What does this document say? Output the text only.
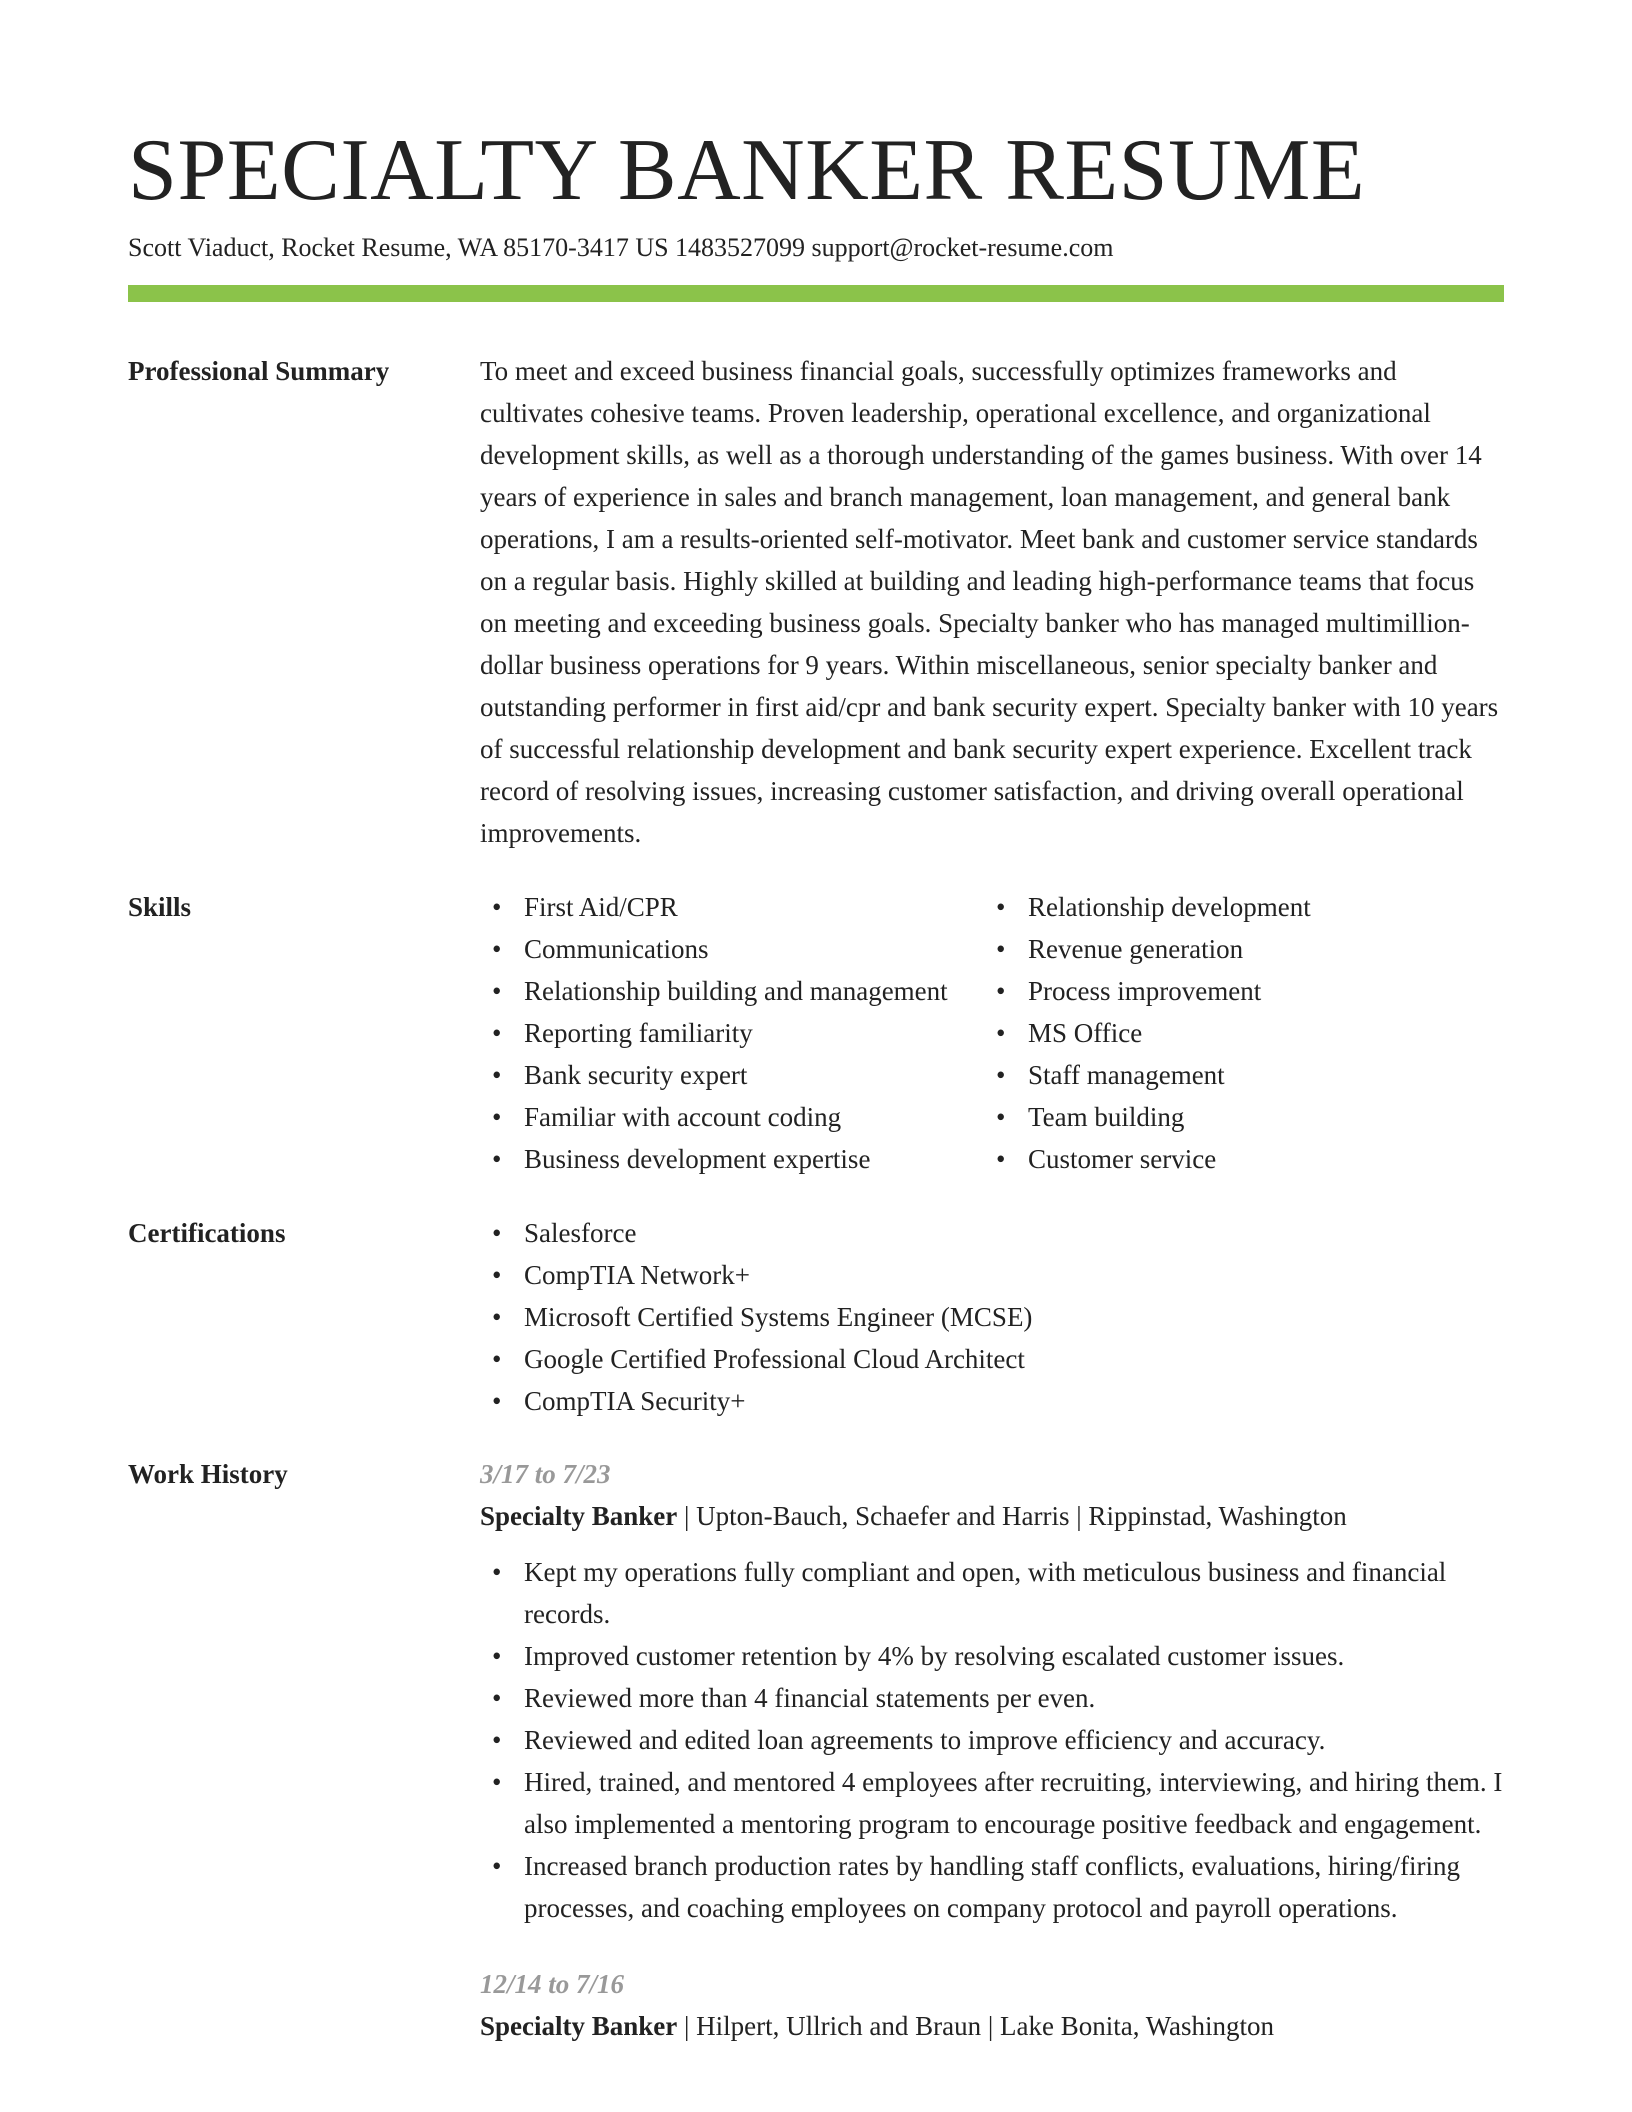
SPECIALTY BANKER RESUME
Scott Viaduct, Rocket Resume, WA 85170-3417 US 1483527099 support@rocket-resume.com
Professional Summary	To meet and exceed business financial goals, successfully optimizes frameworks and cultivates cohesive teams. Proven leadership, operational excellence, and organizational development skills, as well as a thorough understanding of the games business. With over 14 years of experience in sales and branch management, loan management, and general bank operations, I am a results-oriented self-motivator. Meet bank and customer service standards on a regular basis. Highly skilled at building and leading high-performance teams that focus on meeting and exceeding business goals. Specialty banker who has managed multimillion-dollar business operations for 9 years. Within miscellaneous, senior specialty banker and outstanding performer in first aid/cpr and bank security expert. Specialty banker with 10 years of successful relationship development and bank security expert experience. Excellent track record of resolving issues, increasing customer satisfaction, and driving overall operational improvements.

Skills	• First Aid/CPR
• Communications
• Relationship building and management
• Reporting familiarity
• Bank security expert
• Familiar with account coding
• Business development expertise
• Relationship development
• Revenue generation
• Process improvement
• MS Office
• Staff management
• Team building
• Customer service
Certifications	• Salesforce
• CompTIA Network+
• Microsoft Certified Systems Engineer (MCSE)
• Google Certified Professional Cloud Architect
• CompTIA Security+
Work History	3/17 to 7/23
Specialty Banker | Upton-Bauch, Schaefer and Harris | Rippinstad, Washington
• Kept my operations fully compliant and open, with meticulous business and financial records.
• Improved customer retention by 4% by resolving escalated customer issues.
• Reviewed more than 4 financial statements per even.
• Reviewed and edited loan agreements to improve efficiency and accuracy.
• Hired, trained, and mentored 4 employees after recruiting, interviewing, and hiring them. I also implemented a mentoring program to encourage positive feedback and engagement.
• Increased branch production rates by handling staff conflicts, evaluations, hiring/firing processes, and coaching employees on company protocol and payroll operations.
12/14 to 7/16
Specialty Banker | Hilpert, Ullrich and Braun | Lake Bonita, Washington
